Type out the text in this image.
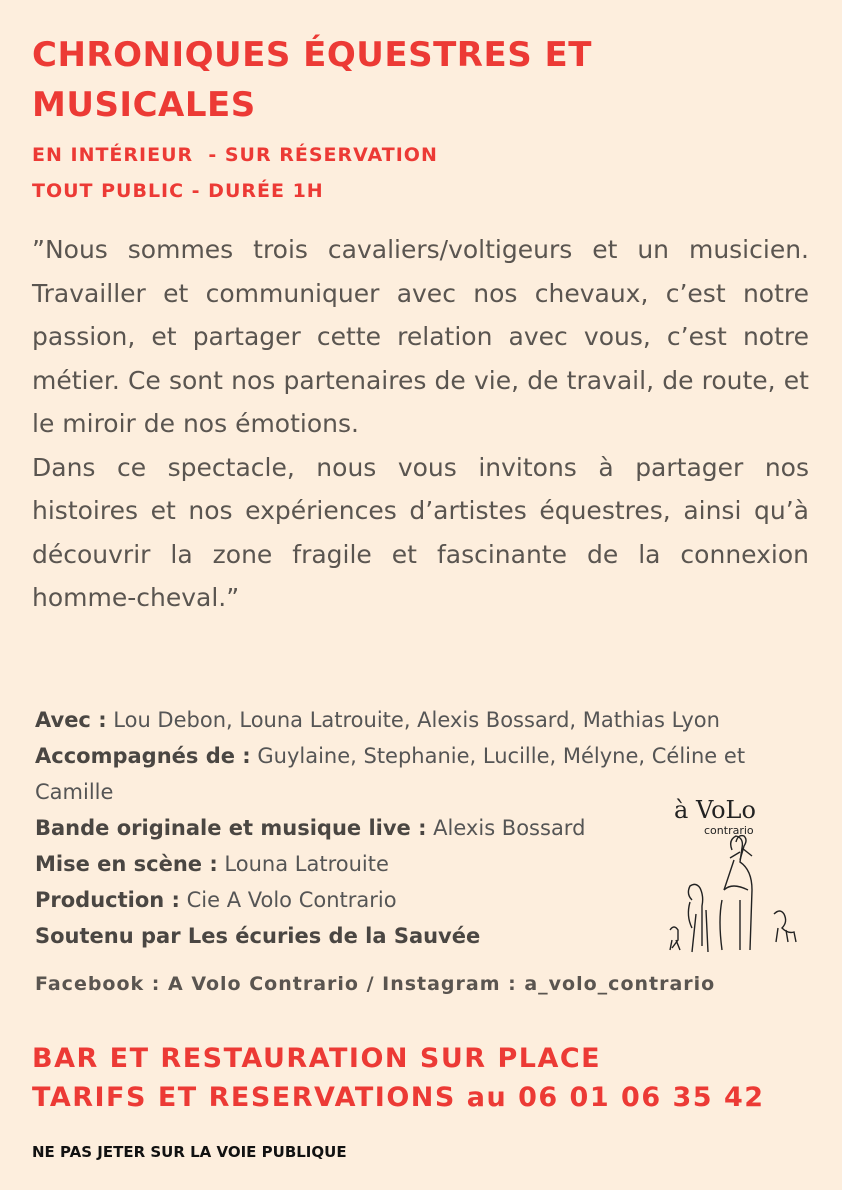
CHRONIQUES ÉQUESTRES ET MUSICALES

EN INTÉRIEUR  - SUR RÉSERVATION

TOUT PUBLIC - DURÉE 1H

”Nous sommes trois cavaliers/voltigeurs et un musicien. Travailler et communiquer avec nos chevaux, c’est notre passion, et partager cette relation avec vous, c’est notre métier. Ce sont nos partenaires de vie, de travail, de route, et le miroir de nos émotions.

Dans ce spectacle, nous vous invitons à partager nos histoires et nos expériences d’artistes équestres, ainsi qu’à découvrir la zone fragile et fascinante de la connexion homme-cheval.”

Avec : Lou Debon, Louna Latrouite, Alexis Bossard, Mathias Lyon

Accompagnés de : Guylaine, Stephanie, Lucille, Mélyne, Céline et Camille

Bande originale et musique live : Alexis Bossard

Mise en scène : Louna Latrouite

Production : Cie A Volo Contrario

Soutenu par Les écuries de la Sauvée

à VoLo
contrario
Facebook : A Volo Contrario / Instagram : a_volo_contrario

BAR ET RESTAURATION SUR PLACE

TARIFS ET RESERVATIONS au 06 01 06 35 42

NE PAS JETER SUR LA VOIE PUBLIQUE
